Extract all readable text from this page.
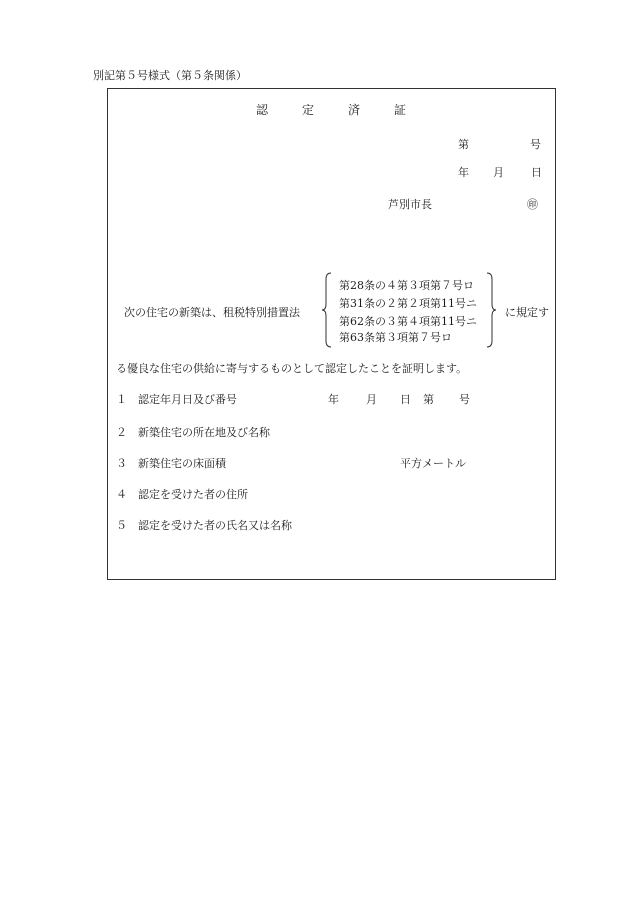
別記第５号様式（第５条関係）
認	定	済	証
第	号
年 月 日
芦別市長	㊞
次の住宅の新築は、租税特別措置法
第28条の４第３項第７号ロ
第31条の２第２項第11号ニ
第62条の３第４項第11号ニ
第63条第３項第７号ロ
に規定す
る優良な住宅の供給に寄与するものとして認定したことを証明します。
１ 認定年月日及び番号	年 月 日 第 号
２ 新築住宅の所在地及び名称
３ 新築住宅の床面積	平方メートル
４ 認定を受けた者の住所
５ 認定を受けた者の氏名又は名称
